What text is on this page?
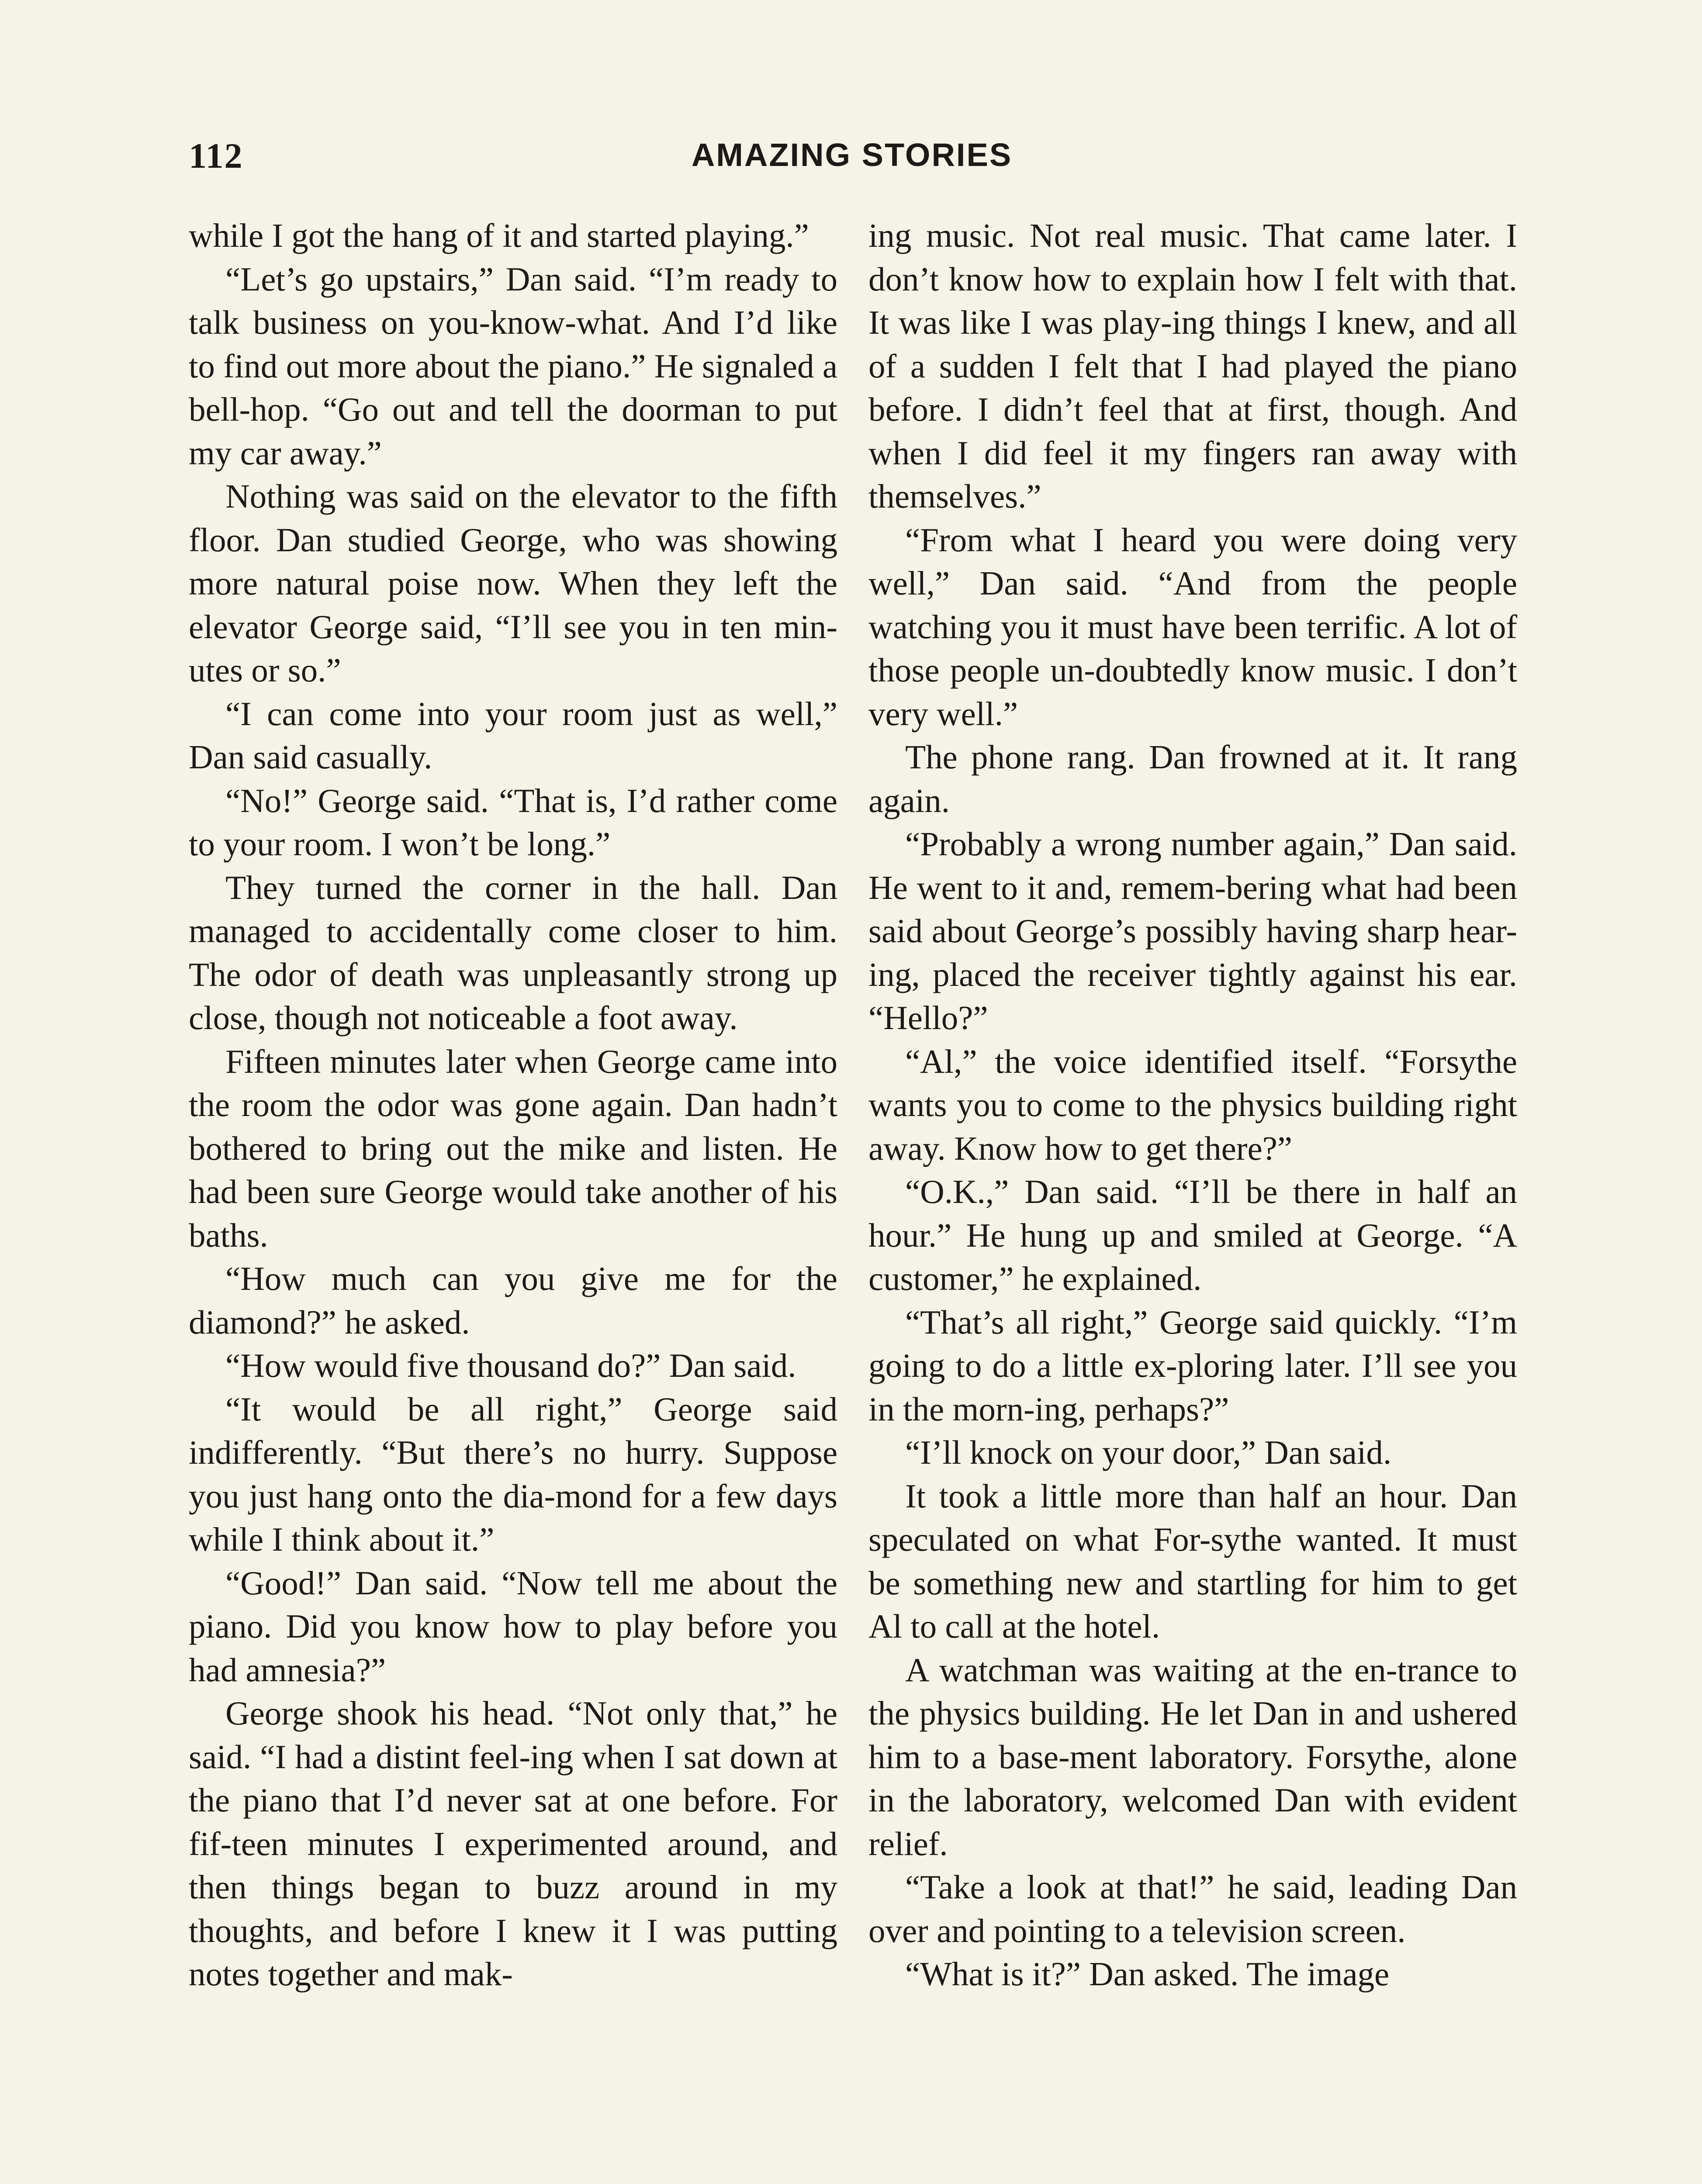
112	AMAZING STORIES

while I got the hang of it and started playing.”

“Let’s go upstairs,” Dan said. “I’m ready to talk business on you-know-what. And I’d like to find out more about the piano.” He signaled a bell-hop. “Go out and tell the doorman to put my car away.”

Nothing was said on the elevator to the fifth floor. Dan studied George, who was showing more natural poise now. When they left the elevator George said, “I’ll see you in ten min-utes or so.”

“I can come into your room just as well,” Dan said casually.

“No!” George said. “That is, I’d rather come to your room. I won’t be long.”

They turned the corner in the hall. Dan managed to accidentally come closer to him. The odor of death was unpleasantly strong up close, though not noticeable a foot away.

Fifteen minutes later when George came into the room the odor was gone again. Dan hadn’t bothered to bring out the mike and listen. He had been sure George would take another of his baths.

“How much can you give me for the diamond?” he asked.

“How would five thousand do?” Dan said.

“It would be all right,” George said indifferently. “But there’s no hurry. Suppose you just hang onto the dia-mond for a few days while I think about it.”

“Good!” Dan said. “Now tell me about the piano. Did you know how to play before you had amnesia?”

George shook his head. “Not only that,” he said. “I had a distint feel-ing when I sat down at the piano that I’d never sat at one before. For fif-teen minutes I experimented around, and then things began to buzz around in my thoughts, and before I knew it I was putting notes together and mak-

ing music. Not real music. That came later. I don’t know how to explain how I felt with that. It was like I was play-ing things I knew, and all of a sudden I felt that I had played the piano before. I didn’t feel that at first, though. And when I did feel it my fingers ran away with themselves.”

“From what I heard you were doing very well,” Dan said. “And from the people watching you it must have been terrific. A lot of those people un-doubtedly know music. I don’t very well.”

The phone rang. Dan frowned at it. It rang again.

“Probably a wrong number again,” Dan said. He went to it and, remem-bering what had been said about George’s possibly having sharp hear-ing, placed the receiver tightly against his ear. “Hello?”

“Al,” the voice identified itself. “Forsythe wants you to come to the physics building right away. Know how to get there?”

“O.K.,” Dan said. “I’ll be there in half an hour.” He hung up and smiled at George. “A customer,” he explained.

“That’s all right,” George said quickly. “I’m going to do a little ex-ploring later. I’ll see you in the morn-ing, perhaps?”

“I’ll knock on your door,” Dan said.

It took a little more than half an hour. Dan speculated on what For-sythe wanted. It must be something new and startling for him to get Al to call at the hotel.

A watchman was waiting at the en-trance to the physics building. He let Dan in and ushered him to a base-ment laboratory. Forsythe, alone in the laboratory, welcomed Dan with evident relief.

“Take a look at that!” he said, leading Dan over and pointing to a television screen.

“What is it?” Dan asked. The image
